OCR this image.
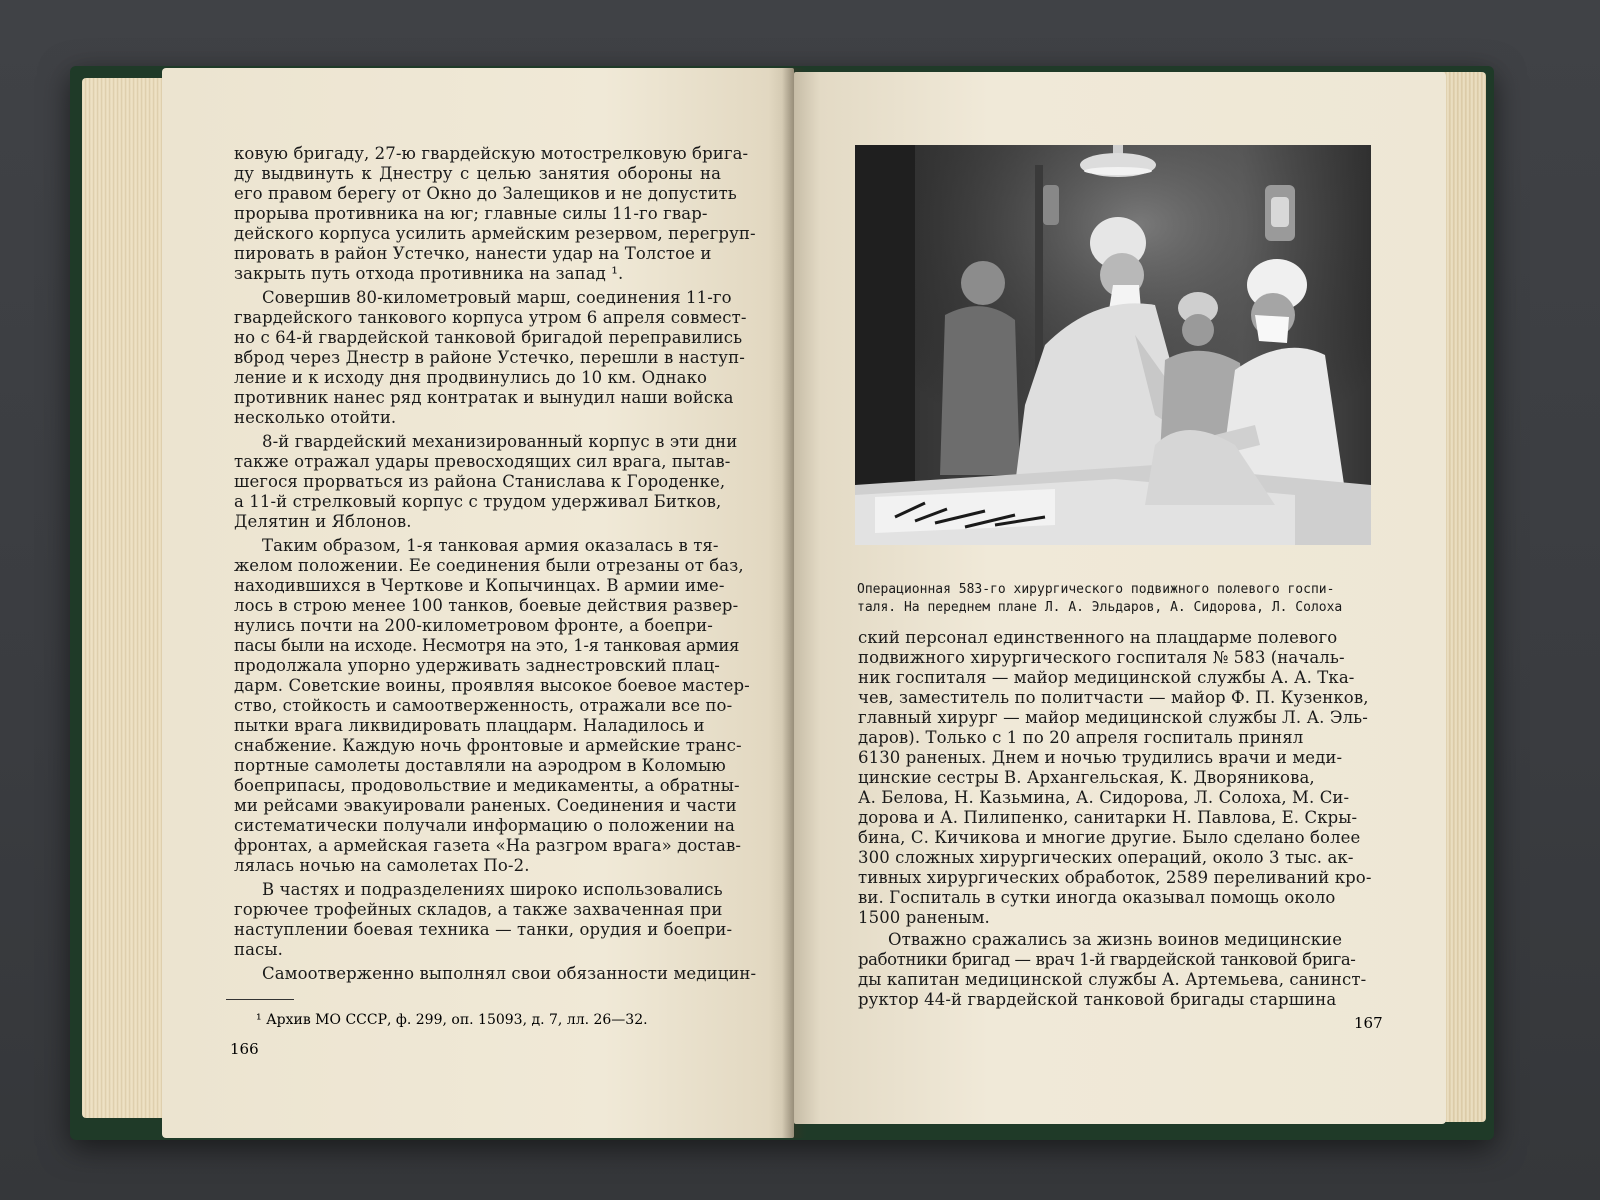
ковую бригаду, 27-ю гвардейскую мотострелковую брига-
ду выдвинуть к Днестру с целью занятия обороны на
его правом берегу от Окно до Залещиков и не допустить
прорыва противника на юг; главные силы 11-го гвар-
дейского корпуса усилить армейским резервом, перегруп-
пировать в район Устечко, нанести удар на Толстое и
закрыть путь отхода противника на запад ¹.
Совершив 80-километровый марш, соединения 11-го
гвардейского танкового корпуса утром 6 апреля совмест-
но с 64-й гвардейской танковой бригадой переправились
вброд через Днестр в районе Устечко, перешли в наступ-
ление и к исходу дня продвинулись до 10 км. Однако
противник нанес ряд контратак и вынудил наши войска
несколько отойти.
8-й гвардейский механизированный корпус в эти дни
также отражал удары превосходящих сил врага, пытав-
шегося прорваться из района Станислава к Городенке,
а 11-й стрелковый корпус с трудом удерживал Битков,
Делятин и Яблонов.
Таким образом, 1-я танковая армия оказалась в тя-
желом положении. Ее соединения были отрезаны от баз,
находившихся в Черткове и Копычинцах. В армии име-
лось в строю менее 100 танков, боевые действия развер-
нулись почти на 200-километровом фронте, а боепри-
пасы были на исходе. Несмотря на это, 1-я танковая армия
продолжала упорно удерживать заднестровский плац-
дарм. Советские воины, проявляя высокое боевое мастер-
ство, стойкость и самоотверженность, отражали все по-
пытки врага ликвидировать плацдарм. Наладилось и
снабжение. Каждую ночь фронтовые и армейские транс-
портные самолеты доставляли на аэродром в Коломыю
боеприпасы, продовольствие и медикаменты, а обратны-
ми рейсами эвакуировали раненых. Соединения и части
систематически получали информацию о положении на
фронтах, а армейская газета «На разгром врага» достав-
лялась ночью на самолетах По-2.
В частях и подразделениях широко использовались
горючее трофейных складов, а также захваченная при
наступлении боевая техника — танки, орудия и боепри-
пасы.
Самоотверженно выполнял свои обязанности медицин-
¹ Архив МО СССР, ф. 299, оп. 15093, д. 7, лл. 26—32.
166
Операционная 583-го хирургического подвижного полевого госпи-
таля. На переднем плане Л. А. Эльдаров, А. Сидорова, Л. Солоха
ский персонал единственного на плацдарме полевого
подвижного хирургического госпиталя № 583 (началь-
ник госпиталя — майор медицинской службы А. А. Тка-
чев, заместитель по политчасти — майор Ф. П. Кузенков,
главный хирург — майор медицинской службы Л. А. Эль-
даров). Только с 1 по 20 апреля госпиталь принял
6130 раненых. Днем и ночью трудились врачи и меди-
цинские сестры В. Архангельская, К. Дворяникова,
А. Белова, Н. Казьмина, А. Сидорова, Л. Солоха, М. Си-
дорова и А. Пилипенко, санитарки Н. Павлова, Е. Скры-
бина, С. Кичикова и многие другие. Было сделано более
300 сложных хирургических операций, около 3 тыс. ак-
тивных хирургических обработок, 2589 переливаний кро-
ви. Госпиталь в сутки иногда оказывал помощь около
1500 раненым.
Отважно сражались за жизнь воинов медицинские
работники бригад — врач 1-й гвардейской танковой брига-
ды капитан медицинской службы А. Артемьева, санинст-
руктор 44-й гвардейской танковой бригады старшина
167
